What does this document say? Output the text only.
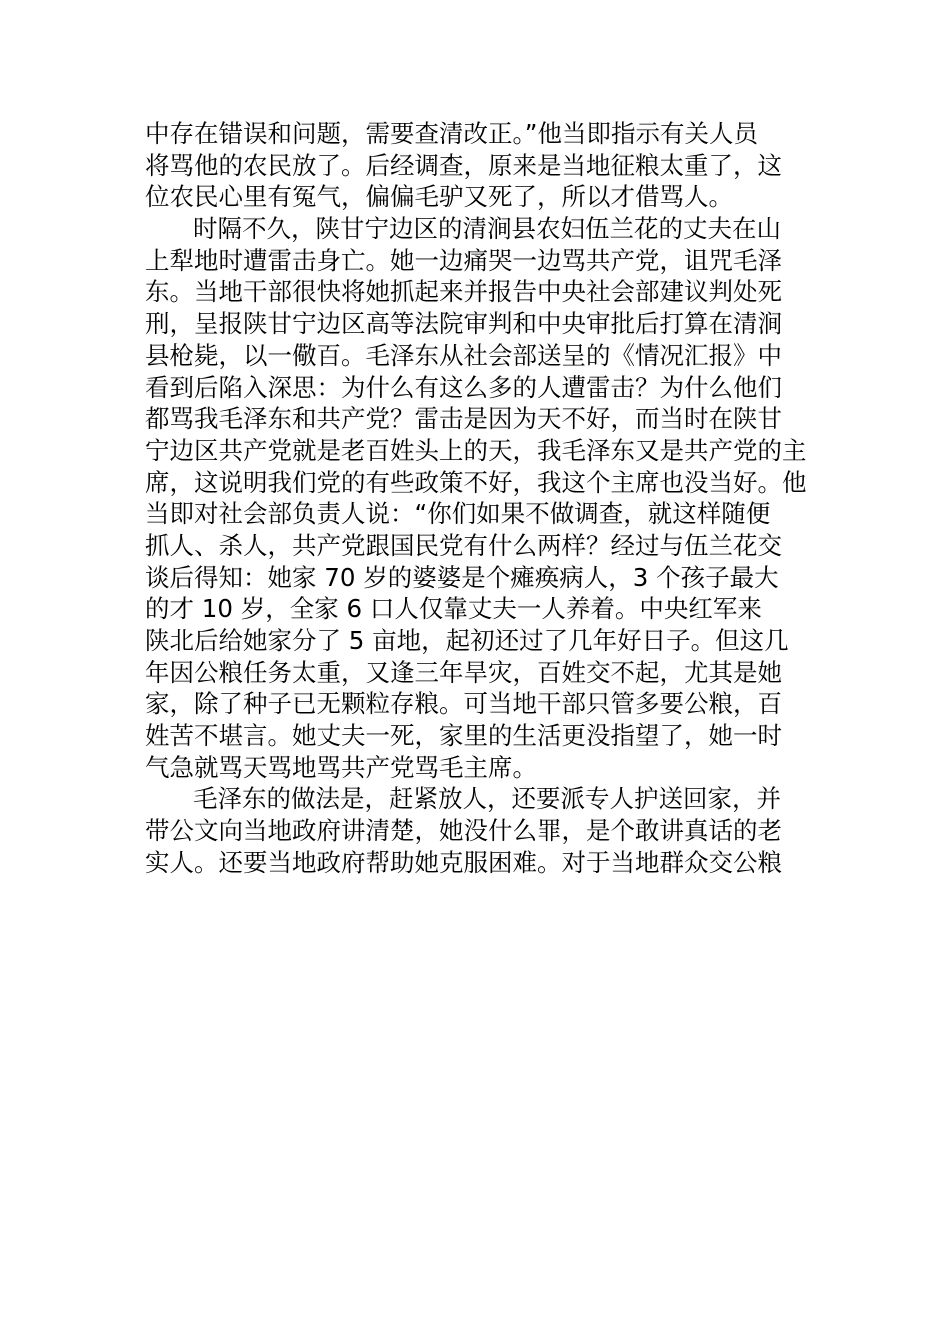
中存在错误和问题，需要查清改正。”他当即指示有关人员
将骂他的农民放了。后经调查，原来是当地征粮太重了，这
位农民心里有冤气，偏偏毛驴又死了，所以才借骂人。
时隔不久，陕甘宁边区的清涧县农妇伍兰花的丈夫在山
上犁地时遭雷击身亡。她一边痛哭一边骂共产党，诅咒毛泽
东。当地干部很快将她抓起来并报告中央社会部建议判处死
刑，呈报陕甘宁边区高等法院审判和中央审批后打算在清涧
县枪毙，以一儆百。毛泽东从社会部送呈的《情况汇报》中
看到后陷入深思：为什么有这么多的人遭雷击？为什么他们
都骂我毛泽东和共产党？雷击是因为天不好，而当时在陕甘
宁边区共产党就是老百姓头上的天，我毛泽东又是共产党的主
席，这说明我们党的有些政策不好，我这个主席也没当好。他
当即对社会部负责人说：“你们如果不做调查，就这样随便
抓人、杀人，共产党跟国民党有什么两样？经过与伍兰花交
谈后得知：她家 70 岁的婆婆是个瘫痪病人，3 个孩子最大
的才 10 岁，全家 6 口人仅靠丈夫一人养着。中央红军来
陕北后给她家分了 5 亩地，起初还过了几年好日子。但这几
年因公粮任务太重，又逢三年旱灾，百姓交不起，尤其是她
家，除了种子已无颗粒存粮。可当地干部只管多要公粮，百
姓苦不堪言。她丈夫一死，家里的生活更没指望了，她一时
气急就骂天骂地骂共产党骂毛主席。
毛泽东的做法是，赶紧放人，还要派专人护送回家，并
带公文向当地政府讲清楚，她没什么罪，是个敢讲真话的老
实人。还要当地政府帮助她克服困难。对于当地群众交公粮
